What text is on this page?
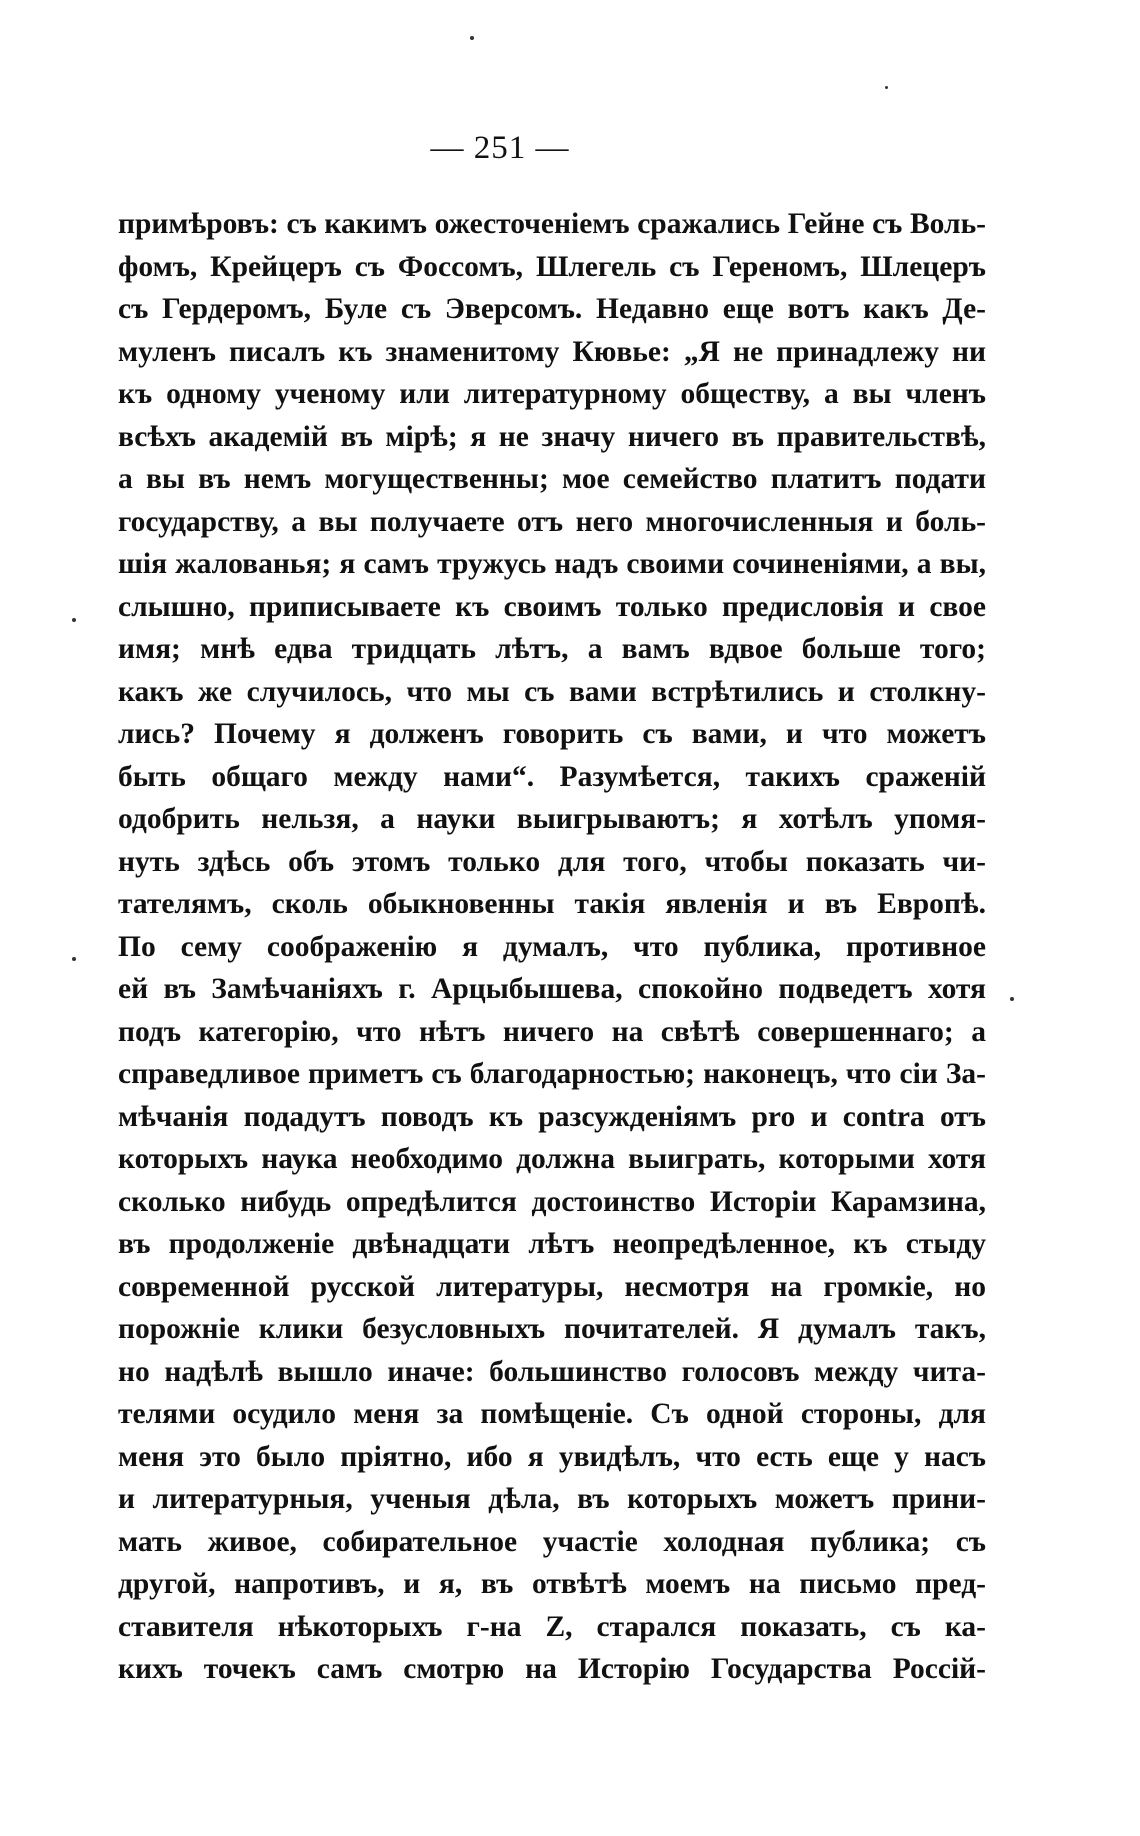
— 251 —
примѣровъ: съ какимъ ожесточеніемъ сражались Гейне съ Воль-
фомъ, Крейцеръ съ Фоссомъ, Шлегель съ Гереномъ, Шлецеръ
съ Гердеромъ, Буле съ Эверсомъ. Недавно еще вотъ какъ Де-
муленъ писалъ къ знаменитому Кювье: „Я не принадлежу ни
къ одному ученому или литературному обществу, а вы членъ
всѣхъ академій въ мірѣ; я не значу ничего въ правительствѣ,
а вы въ немъ могущественны; мое семейство платитъ подати
государству, а вы получаете отъ него многочисленныя и боль-
шія жалованья; я самъ тружусь надъ своими сочиненіями, а вы,
слышно, приписываете къ своимъ только предисловія и свое
имя; мнѣ едва тридцать лѣтъ, а вамъ вдвое больше того;
какъ же случилось, что мы съ вами встрѣтились и столкну-
лись? Почему я долженъ говорить съ вами, и что можетъ
быть общаго между нами“. Разумѣется, такихъ сраженій
одобрить нельзя, а науки выигрываютъ; я хотѣлъ упомя-
нуть здѣсь объ этомъ только для того, чтобы показать чи-
тателямъ, сколь обыкновенны такія явленія и въ Европѣ.
По сему соображенію я думалъ, что публика, противное
ей въ Замѣчаніяхъ г. Арцыбышева, спокойно подведетъ хотя
подъ категорію, что нѣтъ ничего на свѣтѣ совершеннаго; а
справедливое приметъ съ благодарностью; наконецъ, что сіи За-
мѣчанія подадутъ поводъ къ разсужденіямъ pro и contra отъ
которыхъ наука необходимо должна выиграть, которыми хотя
сколько нибудь опредѣлится достоинство Исторіи Карамзина,
въ продолженіе двѣнадцати лѣтъ неопредѣленное, къ стыду
современной русской литературы, несмотря на громкіе, но
порожніе клики безусловныхъ почитателей. Я думалъ такъ,
но надѣлѣ вышло иначе: большинство голосовъ между чита-
телями осудило меня за помѣщеніе. Съ одной стороны, для
меня это было пріятно, ибо я увидѣлъ, что есть еще у насъ
и литературныя, ученыя дѣла, въ которыхъ можетъ прини-
мать живое, собирательное участіе холодная публика; съ
другой, напротивъ, и я, въ отвѣтѣ моемъ на письмо пред-
ставителя нѣкоторыхъ г-на Z, старался показать, съ ка-
кихъ точекъ самъ смотрю на Исторію Государства Россій-
